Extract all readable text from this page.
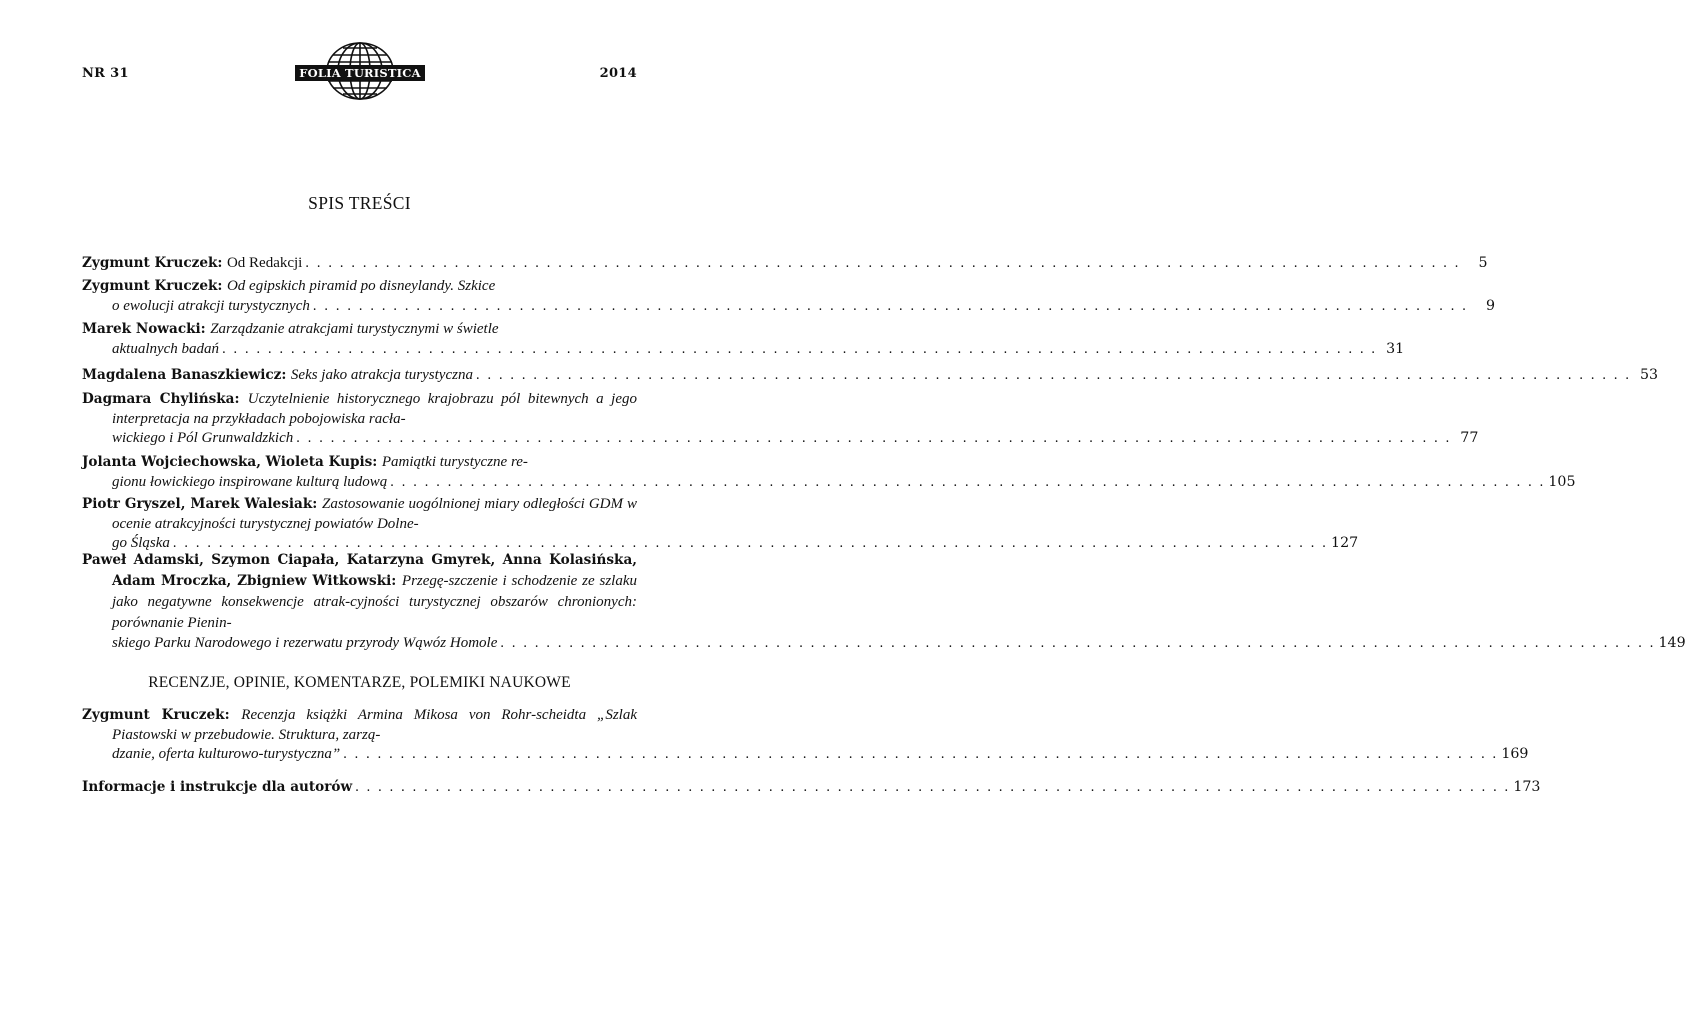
NR 31	FOLIA TURISTICA	2014
SPIS TREŚCI

Zygmunt Kruczek: Od Redakcji . . . . . . . . . . . . . . . . . . . . . . . . . . . . . . . . . . . . . . . . . . . . . . . . . . . . . . . . . . . . . . . . . . . . . . . . . . . . . . . . . . . . . . . . . . . . . . . . . . . . .	5

Zygmunt Kruczek: Od egipskich piramid po disneylandy. Szkice

o ewolucji atrakcji turystycznych . . . . . . . . . . . . . . . . . . . . . . . . . . . . . . . . . . . . . . . . . . . . . . . . . . . . . . . . . . . . . . . . . . . . . . . . . . . . . . . . . . . . . . . . . . . . . . . . . . . . .	9

Marek Nowacki: Zarządzanie atrakcjami turystycznymi w świetle

aktualnych badań . . . . . . . . . . . . . . . . . . . . . . . . . . . . . . . . . . . . . . . . . . . . . . . . . . . . . . . . . . . . . . . . . . . . . . . . . . . . . . . . . . . . . . . . . . . . . . . . . . . . . 31

Magdalena Banaszkiewicz: Seks jako atrakcja turystyczna . . . . . . . . . . . . . . . . . . . . . . . . . . . . . . . . . . . . . . . . . . . . . . . . . . . . . . . . . . . . . . . . . . . . . . . . . . . . . . . . . . . . . . . . . . . . . . . . . . . . . 53

Dagmara Chylińska: Uczytelnienie historycznego krajobrazu pól bitewnych a jego interpretacja na przykładach pobojowiska racła-

wickiego i Pól Grunwaldzkich . . . . . . . . . . . . . . . . . . . . . . . . . . . . . . . . . . . . . . . . . . . . . . . . . . . . . . . . . . . . . . . . . . . . . . . . . . . . . . . . . . . . . . . . . . . . . . . . . . . . . 77

Jolanta Wojciechowska, Wioleta Kupis: Pamiątki turystyczne re-

gionu łowickiego inspirowane kulturą ludową . . . . . . . . . . . . . . . . . . . . . . . . . . . . . . . . . . . . . . . . . . . . . . . . . . . . . . . . . . . . . . . . . . . . . . . . . . . . . . . . . . . . . . . . . . . . . . . . . . . . . 105

Piotr Gryszel, Marek Walesiak: Zastosowanie uogólnionej miary odległości GDM w ocenie atrakcyjności turystycznej powiatów Dolne-

go Śląska . . . . . . . . . . . . . . . . . . . . . . . . . . . . . . . . . . . . . . . . . . . . . . . . . . . . . . . . . . . . . . . . . . . . . . . . . . . . . . . . . . . . . . . . . . . . . . . . . . . . . 127

Paweł Adamski, Szymon Ciapała, Katarzyna Gmyrek, Anna Kolasińska, Adam Mroczka, Zbigniew Witkowski: Przegę-szczenie i schodzenie ze szlaku jako negatywne konsekwencje atrak-cyjności turystycznej obszarów chronionych: porównanie Pienin-

skiego Parku Narodowego i rezerwatu przyrody Wąwóz Homole . . . . . . . . . . . . . . . . . . . . . . . . . . . . . . . . . . . . . . . . . . . . . . . . . . . . . . . . . . . . . . . . . . . . . . . . . . . . . . . . . . . . . . . . . . . . . . . . . . . . . 149

RECENZJE, OPINIE, KOMENTARZE, POLEMIKI NAUKOWE

Zygmunt Kruczek: Recenzja książki Armina Mikosa von Rohr-scheidta „Szlak Piastowski w przebudowie. Struktura, zarzą-

dzanie, oferta kulturowo-turystyczna” . . . . . . . . . . . . . . . . . . . . . . . . . . . . . . . . . . . . . . . . . . . . . . . . . . . . . . . . . . . . . . . . . . . . . . . . . . . . . . . . . . . . . . . . . . . . . . . . . . . . . 169

Informacje i instrukcje dla autorów . . . . . . . . . . . . . . . . . . . . . . . . . . . . . . . . . . . . . . . . . . . . . . . . . . . . . . . . . . . . . . . . . . . . . . . . . . . . . . . . . . . . . . . . . . . . . . . . . . . . . 173
